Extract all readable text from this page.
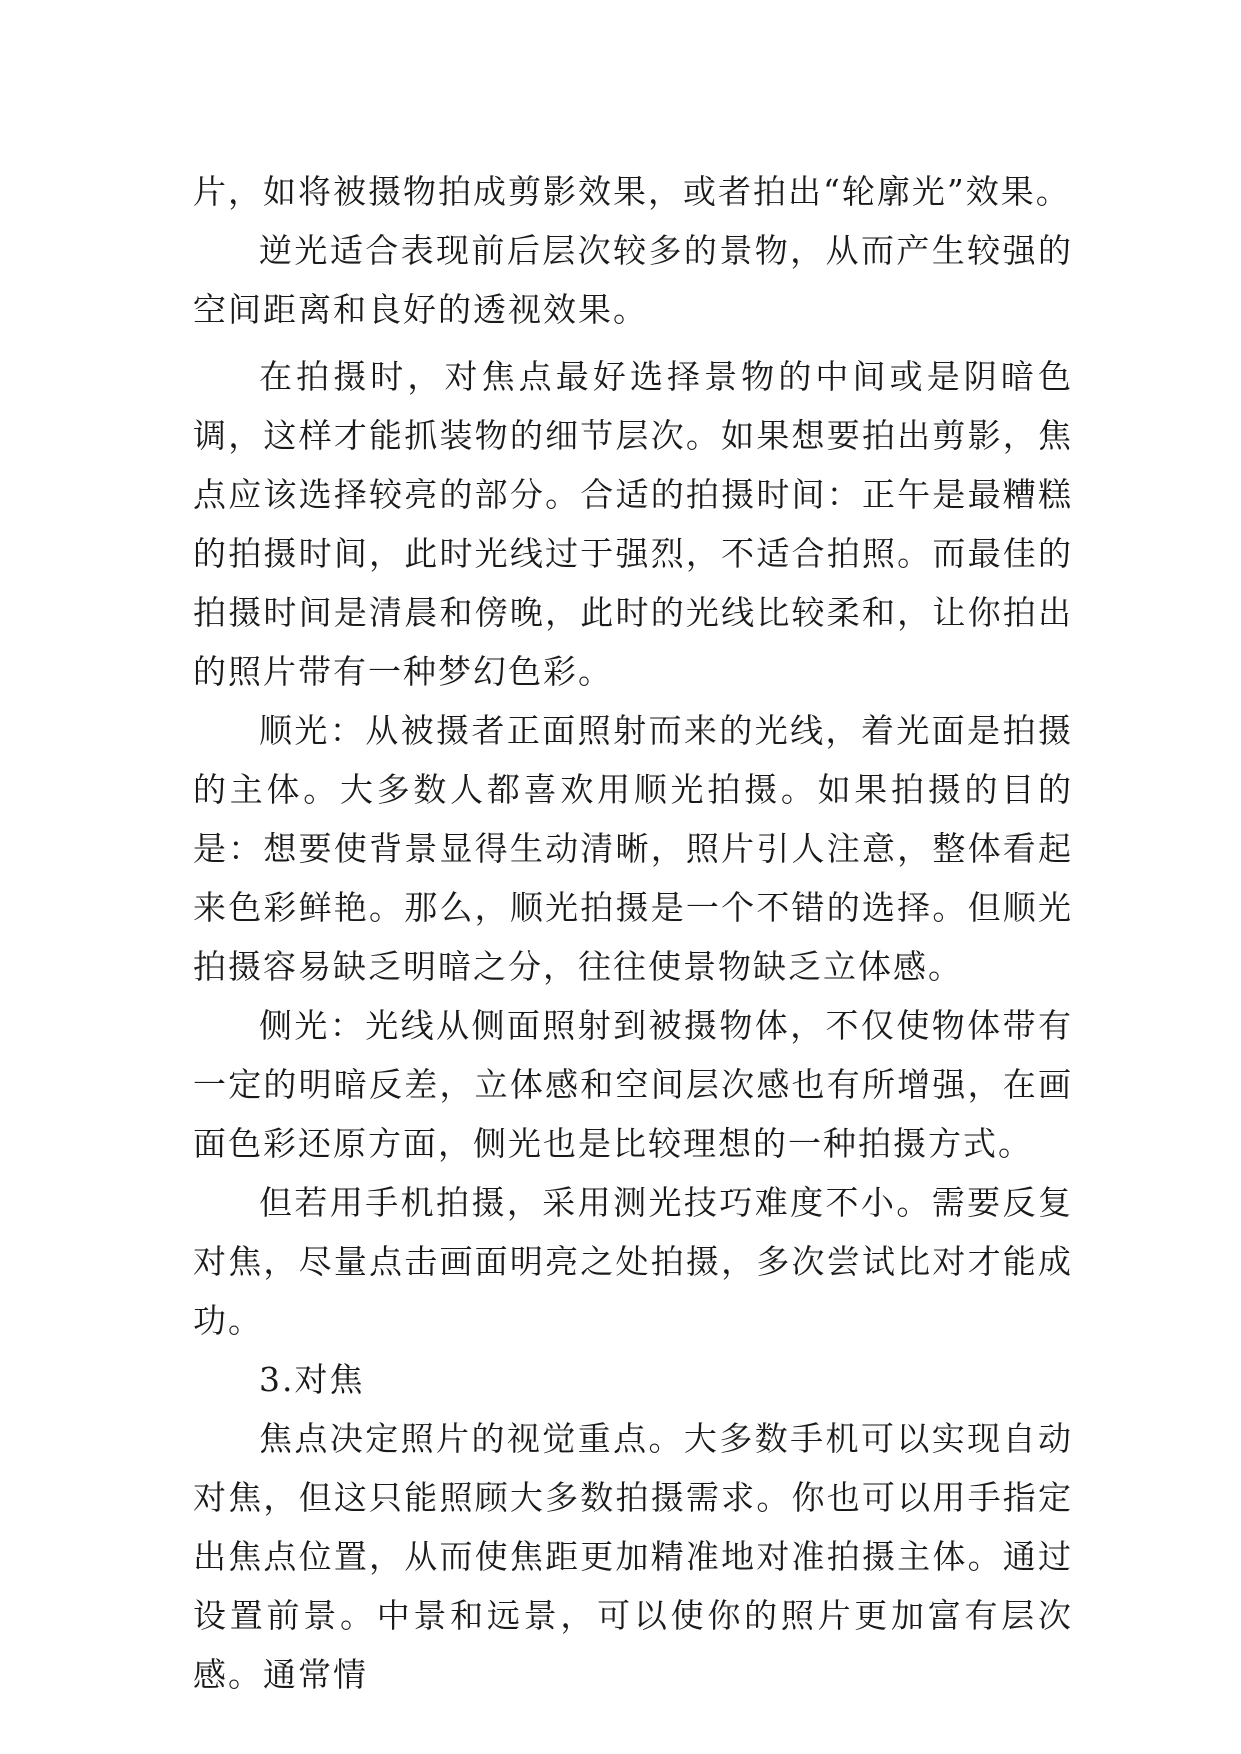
片，如将被摄物拍成剪影效果，或者拍出“轮廓光”效果。

逆光适合表现前后层次较多的景物，从而产生较强的空间距离和良好的透视效果。

在拍摄时，对焦点最好选择景物的中间或是阴暗色调，这样才能抓装物的细节层次。如果想要拍出剪影，焦点应该选择较亮的部分。合适的拍摄时间：正午是最糟糕的拍摄时间，此时光线过于强烈，不适合拍照。而最佳的拍摄时间是清晨和傍晚，此时的光线比较柔和，让你拍出的照片带有一种梦幻色彩。

顺光：从被摄者正面照射而来的光线，着光面是拍摄的主体。大多数人都喜欢用顺光拍摄。如果拍摄的目的是：想要使背景显得生动清晰，照片引人注意，整体看起来色彩鲜艳。那么，顺光拍摄是一个不错的选择。但顺光拍摄容易缺乏明暗之分，往往使景物缺乏立体感。

侧光：光线从侧面照射到被摄物体，不仅使物体带有一定的明暗反差，立体感和空间层次感也有所增强，在画面色彩还原方面，侧光也是比较理想的一种拍摄方式。

但若用手机拍摄，采用测光技巧难度不小。需要反复对焦，尽量点击画面明亮之处拍摄，多次尝试比对才能成功。

3.对焦

焦点决定照片的视觉重点。大多数手机可以实现自动对焦，但这只能照顾大多数拍摄需求。你也可以用手指定出焦点位置，从而使焦距更加精准地对准拍摄主体。通过设置前景。中景和远景，可以使你的照片更加富有层次感。通常情
